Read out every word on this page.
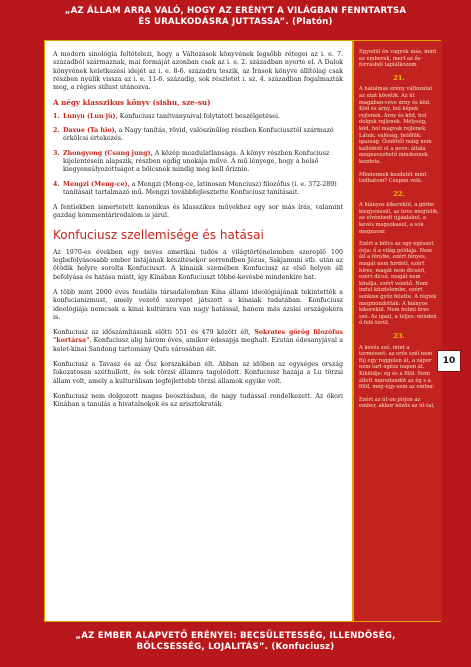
„AZ ÁLLAM ARRA VALÓ, HOGY AZ ERÉNYT A VILÁGBAN FENNTARTSA
ÉS URALKODÁSRA JUTTASSA”. (Platón)

A modern sinológia feltételezi, hogy a Változások könyvének legsőbb rétegei az i. e. 7. századból származnak, mai formáját azonban csak az i. e. 2. században nyerte el. A Dalok könyvének keletkezési idejét az i. e. 8-6. századra teszik, az Írások könyve állítólag csak részben nyúlik vissza az i. e. 11-6. századig, sok részletét i. sz. 4. században fogalmazták meg, a régies stílust utánozva.

A négy klasszikus könyv (sishu, sze-su)
1. Lunyu (Lun jü), Konfuciusz tanítványaival folytatott beszélgetései.
2. Daxue (Ta hio), a Nagy tanítás, rövid, valószínűleg részben Konfuciusztól származó erkölcsi értekezés.
3. Zhongyong (Csung jung), A közép mozdulatlansága. A könyv részben Konfuciusz kijelentésein alapszik, részben egdig unokája műve. A mű lényege, hogy a belső kiegyensúlyozottságot a bölcsnek mindig meg kell őriznie.
4. Mengzi (Meng-ce), a Mengzi (Meng-ce, latinosan Menciusz) filozófus (i. e. 372-289) tanításait tartalmazó mű. Mengzi továbbfejlesztette Konfuciusz tanításait.

A fentiekben ismertetett kanonikus és klasszikus művekhez egy sor más írás, valamint gazdag kommentárirodalom is járul.

Konfuciusz szellemisége és hatásai

Az 1970-es években egy neves amerikai tudós a világtörténelemben szereplő 100 legbefolyásosabb ember listájának készítésekor sorrendben Jézus, Sakjamuni stb. után az ötödik helyre sorolta Konfuciuszt. A kínaiak szemében Konfuciusz az első helyen áll befolyása és hatása miatt, így Kínában Konfuciuszt többé-kevésbé mindenkire hat.

A több mint 2000 éves feudális társadalomban Kína állami ideológiájának tekintették a konfucianizmust, amely vezető szerepet játszott a kínaiak tudatában. Konfuciusz ideológiája nemcsak a kínai kultúrára van nagy hatással, hanem más ázsiai országokéra is.

Konfuciusz az időszámításunk előtti 551 és 479 között élt, Sokrates görög filozófus "kortársa". Konfuciusz alig három éves, amikor édesapja meghalt. Ezután édesanyjával a kelet-kínai Sandong tartomány Qufu városában élt.

Konfuciusz a Tavasz és az Ősz korszakában élt. Abban az időben az egységes ország fokozatosan széthullott, és sok törzsi államra tagolódott. Konfuciusz hazája a Lu törzsi állam volt, amely a kulturálisan legfejlettebb törzsi államok egyike volt.

Konfuciusz nem dolgozott magas beosztásban, de nagy tudással rendelkezett. Az ókori Kínában a tanulás a hivatalnokok és az arisztokraták

Egyedül én vagyok más, mint az emberek, mert az ős-forrásból táplálkozom.
21.
A hatalmas erény változatai az utat követik. Az út magában-véve árny és köd. Köd és árny, hol képek rejlenek. Árny és köd, hol dolgok rejlenek. Mélység, köd, hol magvak rejlenek. Látuk: valóság, belőlük: igazság. Ősidőtől máig nem kallódott el a neve: általa megnevezhető mindennek kezdete.
Mindennek kezdetét mint tudhatom? Csupán vele.
22.
A hiányos kikerekül, a görbe kiegyenesül, az üres megtelik, az elvénhedt újjáalakul, a kevés megsokasul, a sok megzavar.
Ezért a bölcs az egy-egészet óvja: ő a világ példája. Nem áll a fénybe, ezért fényes, magát nem hirdeti, ezért híres, magát nem dicséri, ezért dicső, magát nem kínálja, ezért vezető. Nem indul küzdelembe, ezért senkise győz felette. A régiek megmondották: A hiányos kikerekül. Nem holmi üres szó. Az igazi, a teljes: minden ő felé terül.
23.
A kevés szó, mint a természet: az erős szél nem fúj egy reggelen át, a zápor nem tart egész napon át. Kiküldje: ég és a föld. Nem állott maradandót az ég s a föld, még-úgy-sem az ember.
Ezért az út-on járjon az ember, akkor közös az út-tal,
10
„AZ EMBER ALAPVETŐ ERÉNYEI: BECSÜLETESSÉG, ILLENDŐSÉG,
BÖLCSESSÉG, LOJALITÁS”. (Konfuciusz)
